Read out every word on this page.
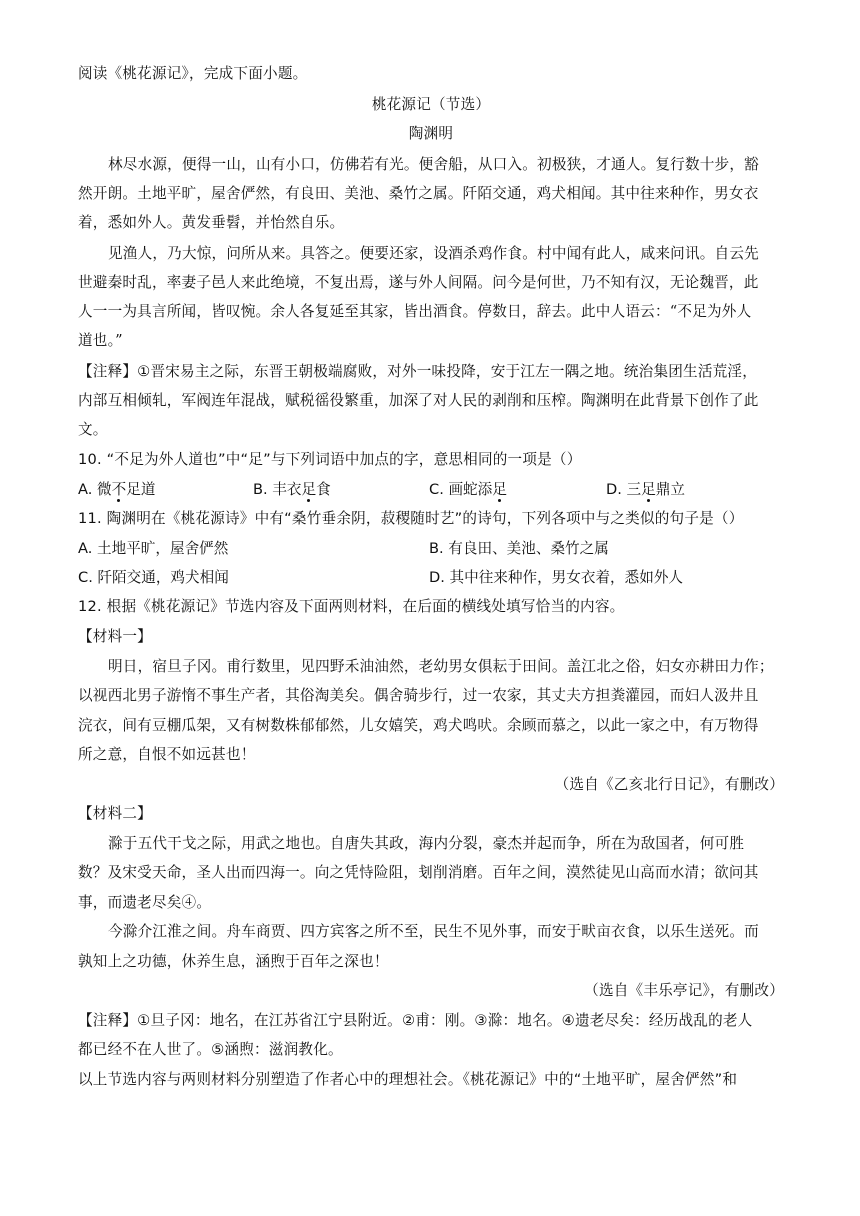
阅读《桃花源记》，完成下面小题。
桃花源记（节选）
陶渊明
林尽水源，便得一山，山有小口，仿佛若有光。便舍船，从口入。初极狭，才通人。复行数十步，豁
然开朗。土地平旷，屋舍俨然，有良田、美池、桑竹之属。阡陌交通，鸡犬相闻。其中往来种作，男女衣
着，悉如外人。黄发垂髫，并怡然自乐。
见渔人，乃大惊，问所从来。具答之。便要还家，设酒杀鸡作食。村中闻有此人，咸来问讯。自云先
世避秦时乱，率妻子邑人来此绝境，不复出焉，遂与外人间隔。问今是何世，乃不知有汉，无论魏晋，此
人一一为具言所闻，皆叹惋。余人各复延至其家，皆出酒食。停数日，辞去。此中人语云：“不足为外人
道也。”
【注释】①晋宋易主之际，东晋王朝极端腐败，对外一味投降，安于江左一隅之地。统治集团生活荒淫，
内部互相倾轧，军阀连年混战，赋税徭役繁重，加深了对人民的剥削和压榨。陶渊明在此背景下创作了此
文。
10. “不足为外人道也”中“足”与下列词语中加点的字，意思相同的一项是（）
A. 微不足道	B. 丰衣足食	C. 画蛇添足	D. 三足鼎立
11. 陶渊明在《桃花源诗》中有“桑竹垂余阴，菽稷随时艺”的诗句，下列各项中与之类似的句子是（）
A. 土地平旷，屋舍俨然	B. 有良田、美池、桑竹之属
C. 阡陌交通，鸡犬相闻	D. 其中往来种作，男女衣着，悉如外人
12. 根据《桃花源记》节选内容及下面两则材料，在后面的横线处填写恰当的内容。
【材料一】
明日，宿旦子冈。甫行数里，见四野禾油油然，老幼男女俱耘于田间。盖江北之俗，妇女亦耕田力作；
以视西北男子游惰不事生产者，其俗淘美矣。偶舍骑步行，过一农家，其丈夫方担粪灌园，而妇人汲井且
浣衣，间有豆棚瓜架，又有树数株郁郁然，儿女嬉笑，鸡犬鸣吠。余顾而慕之，以此一家之中，有万物得
所之意，自恨不如远甚也！
（选自《乙亥北行日记》，有删改）
【材料二】
滁于五代干戈之际，用武之地也。自唐失其政，海内分裂，豪杰并起而争，所在为敌国者，何可胜
数？及宋受天命，圣人出而四海一。向之凭恃险阻，刬削消磨。百年之间，漠然徒见山高而水清；欲问其
事，而遗老尽矣④。
今滁介江淮之间。舟车商贾、四方宾客之所不至，民生不见外事，而安于畎亩衣食，以乐生送死。而
孰知上之功德，休养生息，涵煦于百年之深也！
（选自《丰乐亭记》，有删改）
【注释】①旦子冈：地名，在江苏省江宁县附近。②甫：刚。③滁：地名。④遗老尽矣：经历战乱的老人
都已经不在人世了。⑤涵煦：滋润教化。
以上节选内容与两则材料分别塑造了作者心中的理想社会。《桃花源记》中的“土地平旷，屋舍俨然”和
